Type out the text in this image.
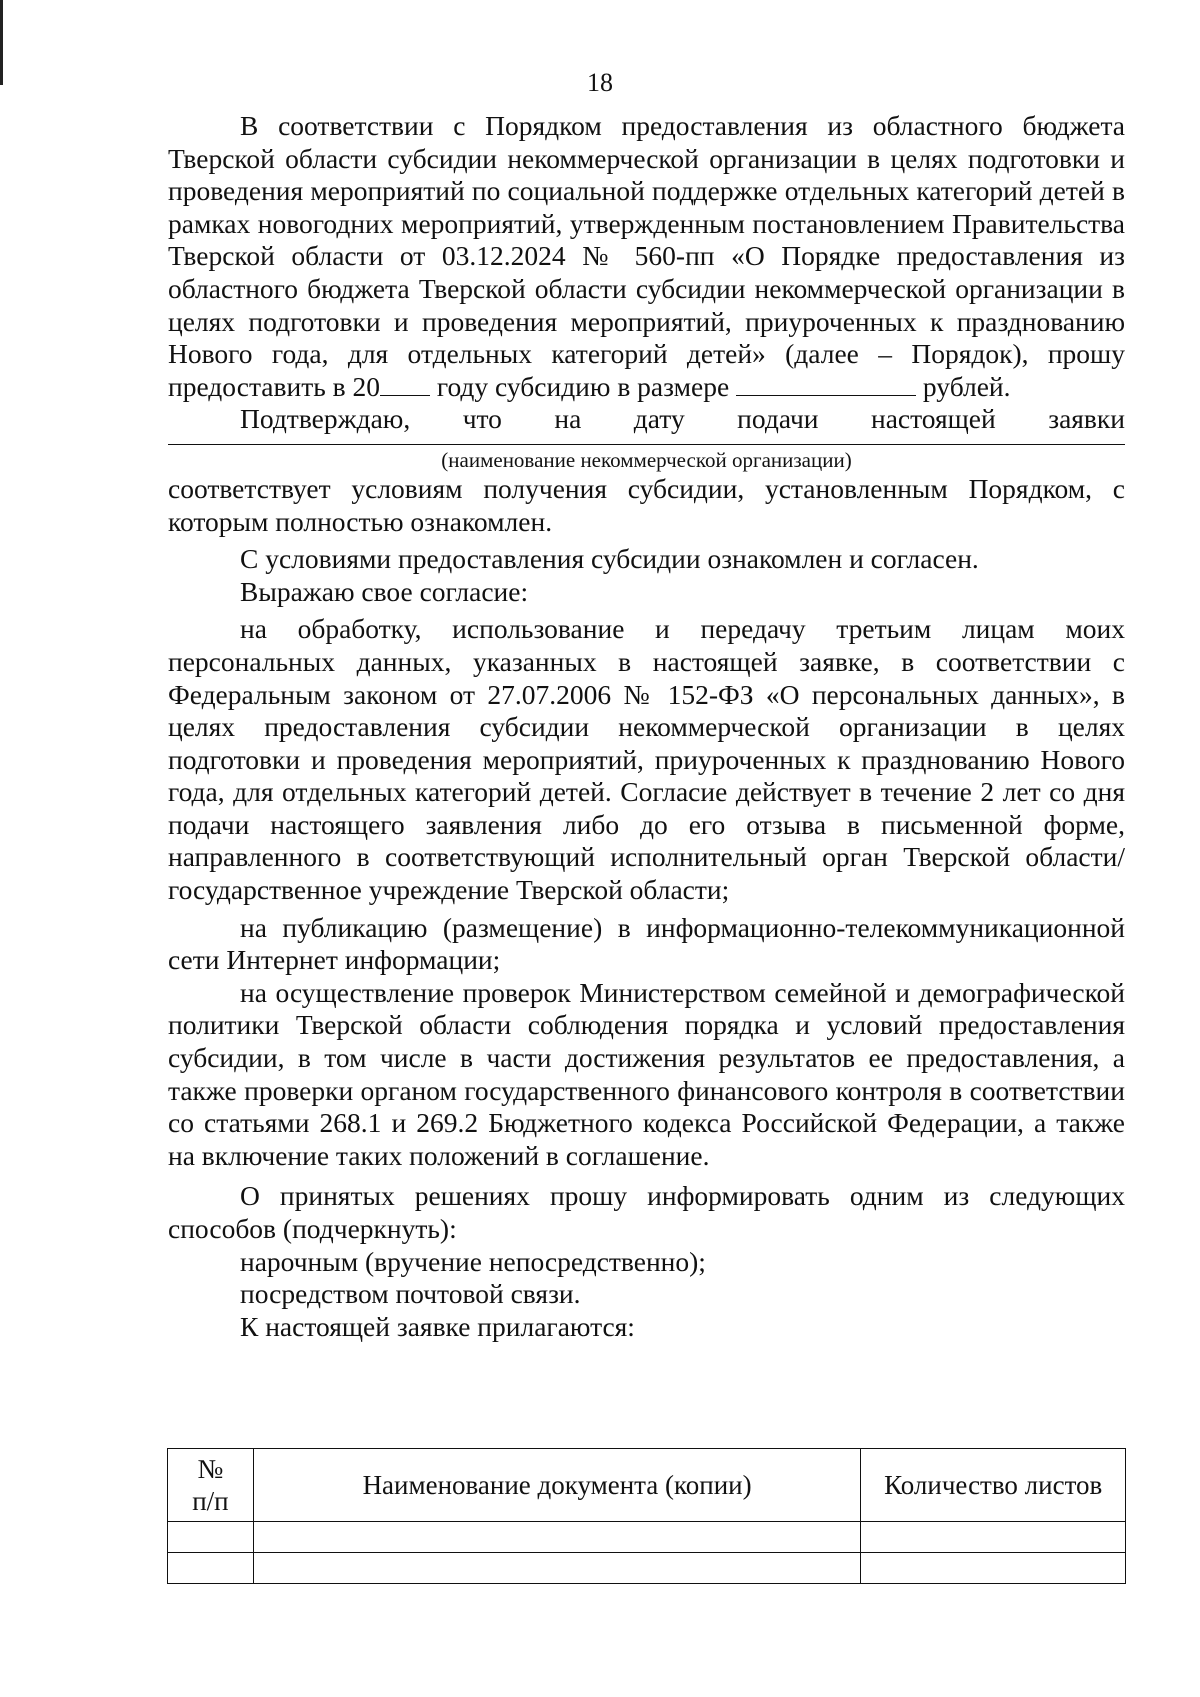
18

В соответствии с Порядком предоставления из областного бюджета Тверской области субсидии некоммерческой организации в целях подготовки и проведения мероприятий по социальной поддержке отдельных категорий детей в рамках новогодних мероприятий, утвержденным постановлением Правительства Тверской области от 03.12.2024 № 560-пп «О Порядке предоставления из областного бюджета Тверской области субсидии некоммерческой организации в целях подготовки и проведения мероприятий, приуроченных к празднованию Нового года, для отдельных категорий детей» (далее – Порядок), прошу предоставить в 20 году субсидию в размере	рублей.

Подтверждаю, что на дату подачи настоящей заявки

(наименование некоммерческой организации)

соответствует условиям получения субсидии, установленным Порядком, с которым полностью ознакомлен.

С условиями предоставления субсидии ознакомлен и согласен.

Выражаю свое согласие:

на обработку, использование и передачу третьим лицам моих персональных данных, указанных в настоящей заявке, в соответствии с Федеральным законом от 27.07.2006 № 152-ФЗ «О персональных данных», в целях предоставления субсидии некоммерческой организации в целях подготовки и проведения мероприятий, приуроченных к празднованию Нового года, для отдельных категорий детей. Согласие действует в течение 2 лет со дня подачи настоящего заявления либо до его отзыва в письменной форме, направленного в соответствующий исполнительный орган Тверской области/государственное учреждение Тверской области;

на публикацию (размещение) в информационно-телекоммуникационной сети Интернет информации;

на осуществление проверок Министерством семейной и демографической политики Тверской области соблюдения порядка и условий предоставления субсидии, в том числе в части достижения результатов ее предоставления, а также проверки органом государственного финансового контроля в соответствии со статьями 268.1 и 269.2 Бюджетного кодекса Российской Федерации, а также на включение таких положений в соглашение.

О принятых решениях прошу информировать одним из следующих способов (подчеркнуть):

нарочным (вручение непосредственно);

посредством почтовой связи.

К настоящей заявке прилагаются:

№
п/п	Наименование документа (копии)	Количество листов
